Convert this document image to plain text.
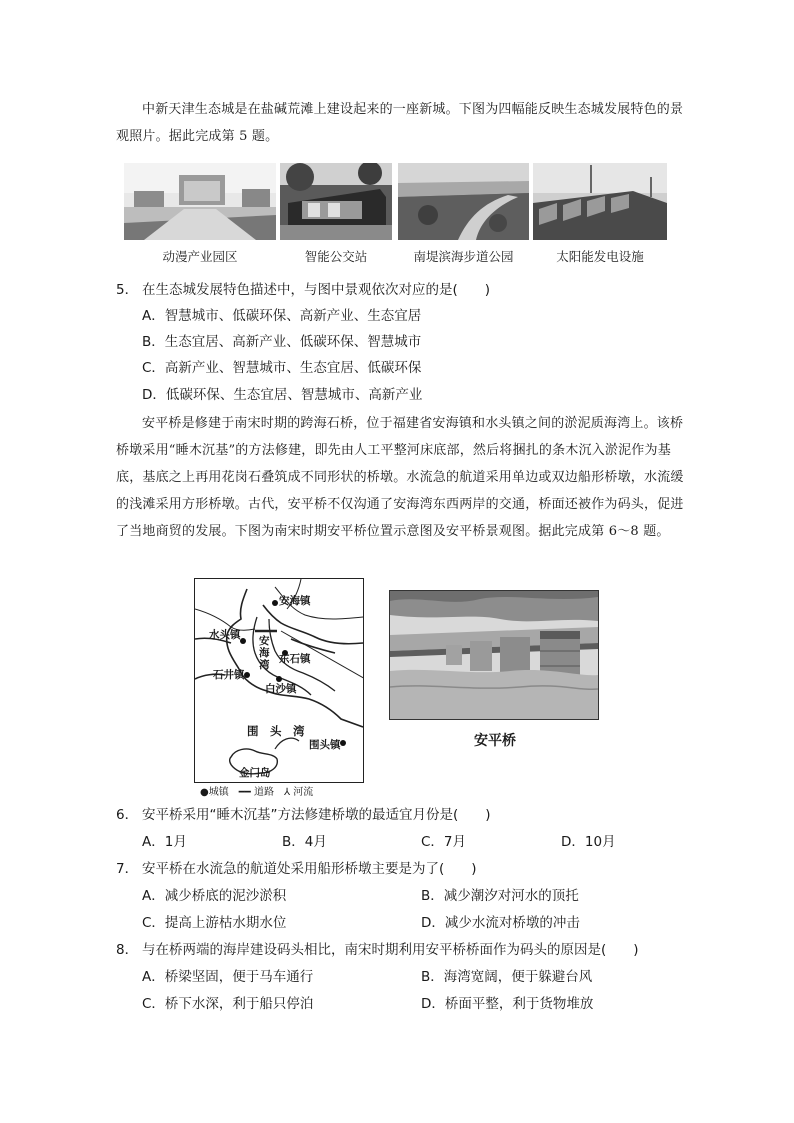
中新天津生态城是在盐碱荒滩上建设起来的一座新城。下图为四幅能反映生态城发展特色的景观照片。据此完成第 5 题。
动漫产业园区	智能公交站	南堤滨海步道公园	太阳能发电设施
5． 在生态城发展特色描述中，与图中景观依次对应的是(　　)
A．智慧城市、低碳环保、高新产业、生态宜居
B．生态宜居、高新产业、低碳环保、智慧城市
C．高新产业、智慧城市、生态宜居、低碳环保
D．低碳环保、生态宜居、智慧城市、高新产业
安平桥是修建于南宋时期的跨海石桥，位于福建省安海镇和水头镇之间的淤泥质海湾上。该桥桥墩采用“睡木沉基”的方法修建，即先由人工平整河床底部，然后将捆扎的条木沉入淤泥作为基底，基底之上再用花岗石叠筑成不同形状的桥墩。水流急的航道采用单边或双边船形桥墩，水流缓的浅滩采用方形桥墩。古代，安平桥不仅沟通了安海湾东西两岸的交通，桥面还被作为码头，促进了当地商贸的发展。下图为南宋时期安平桥位置示意图及安平桥景观图。据此完成第 6～8 题。
安海镇
水头镇 安
海
湾 东石镇
石井镇
白沙镇
围　头　湾
围头镇
金门岛
●城镇　━━ 道路　⅄ 河流
安平桥
6． 安平桥采用“睡木沉基”方法修建桥墩的最适宜月份是(　　)
A．1月	B．4月	C．7月	D．10月
7． 安平桥在水流急的航道处采用船形桥墩主要是为了(　　)
A．减少桥底的泥沙淤积	B．减少潮汐对河水的顶托
C．提高上游枯水期水位	D．减少水流对桥墩的冲击
8． 与在桥两端的海岸建设码头相比，南宋时期利用安平桥桥面作为码头的原因是(　　)
A．桥梁坚固，便于马车通行	B．海湾宽阔，便于躲避台风
C．桥下水深，利于船只停泊	D．桥面平整，利于货物堆放
